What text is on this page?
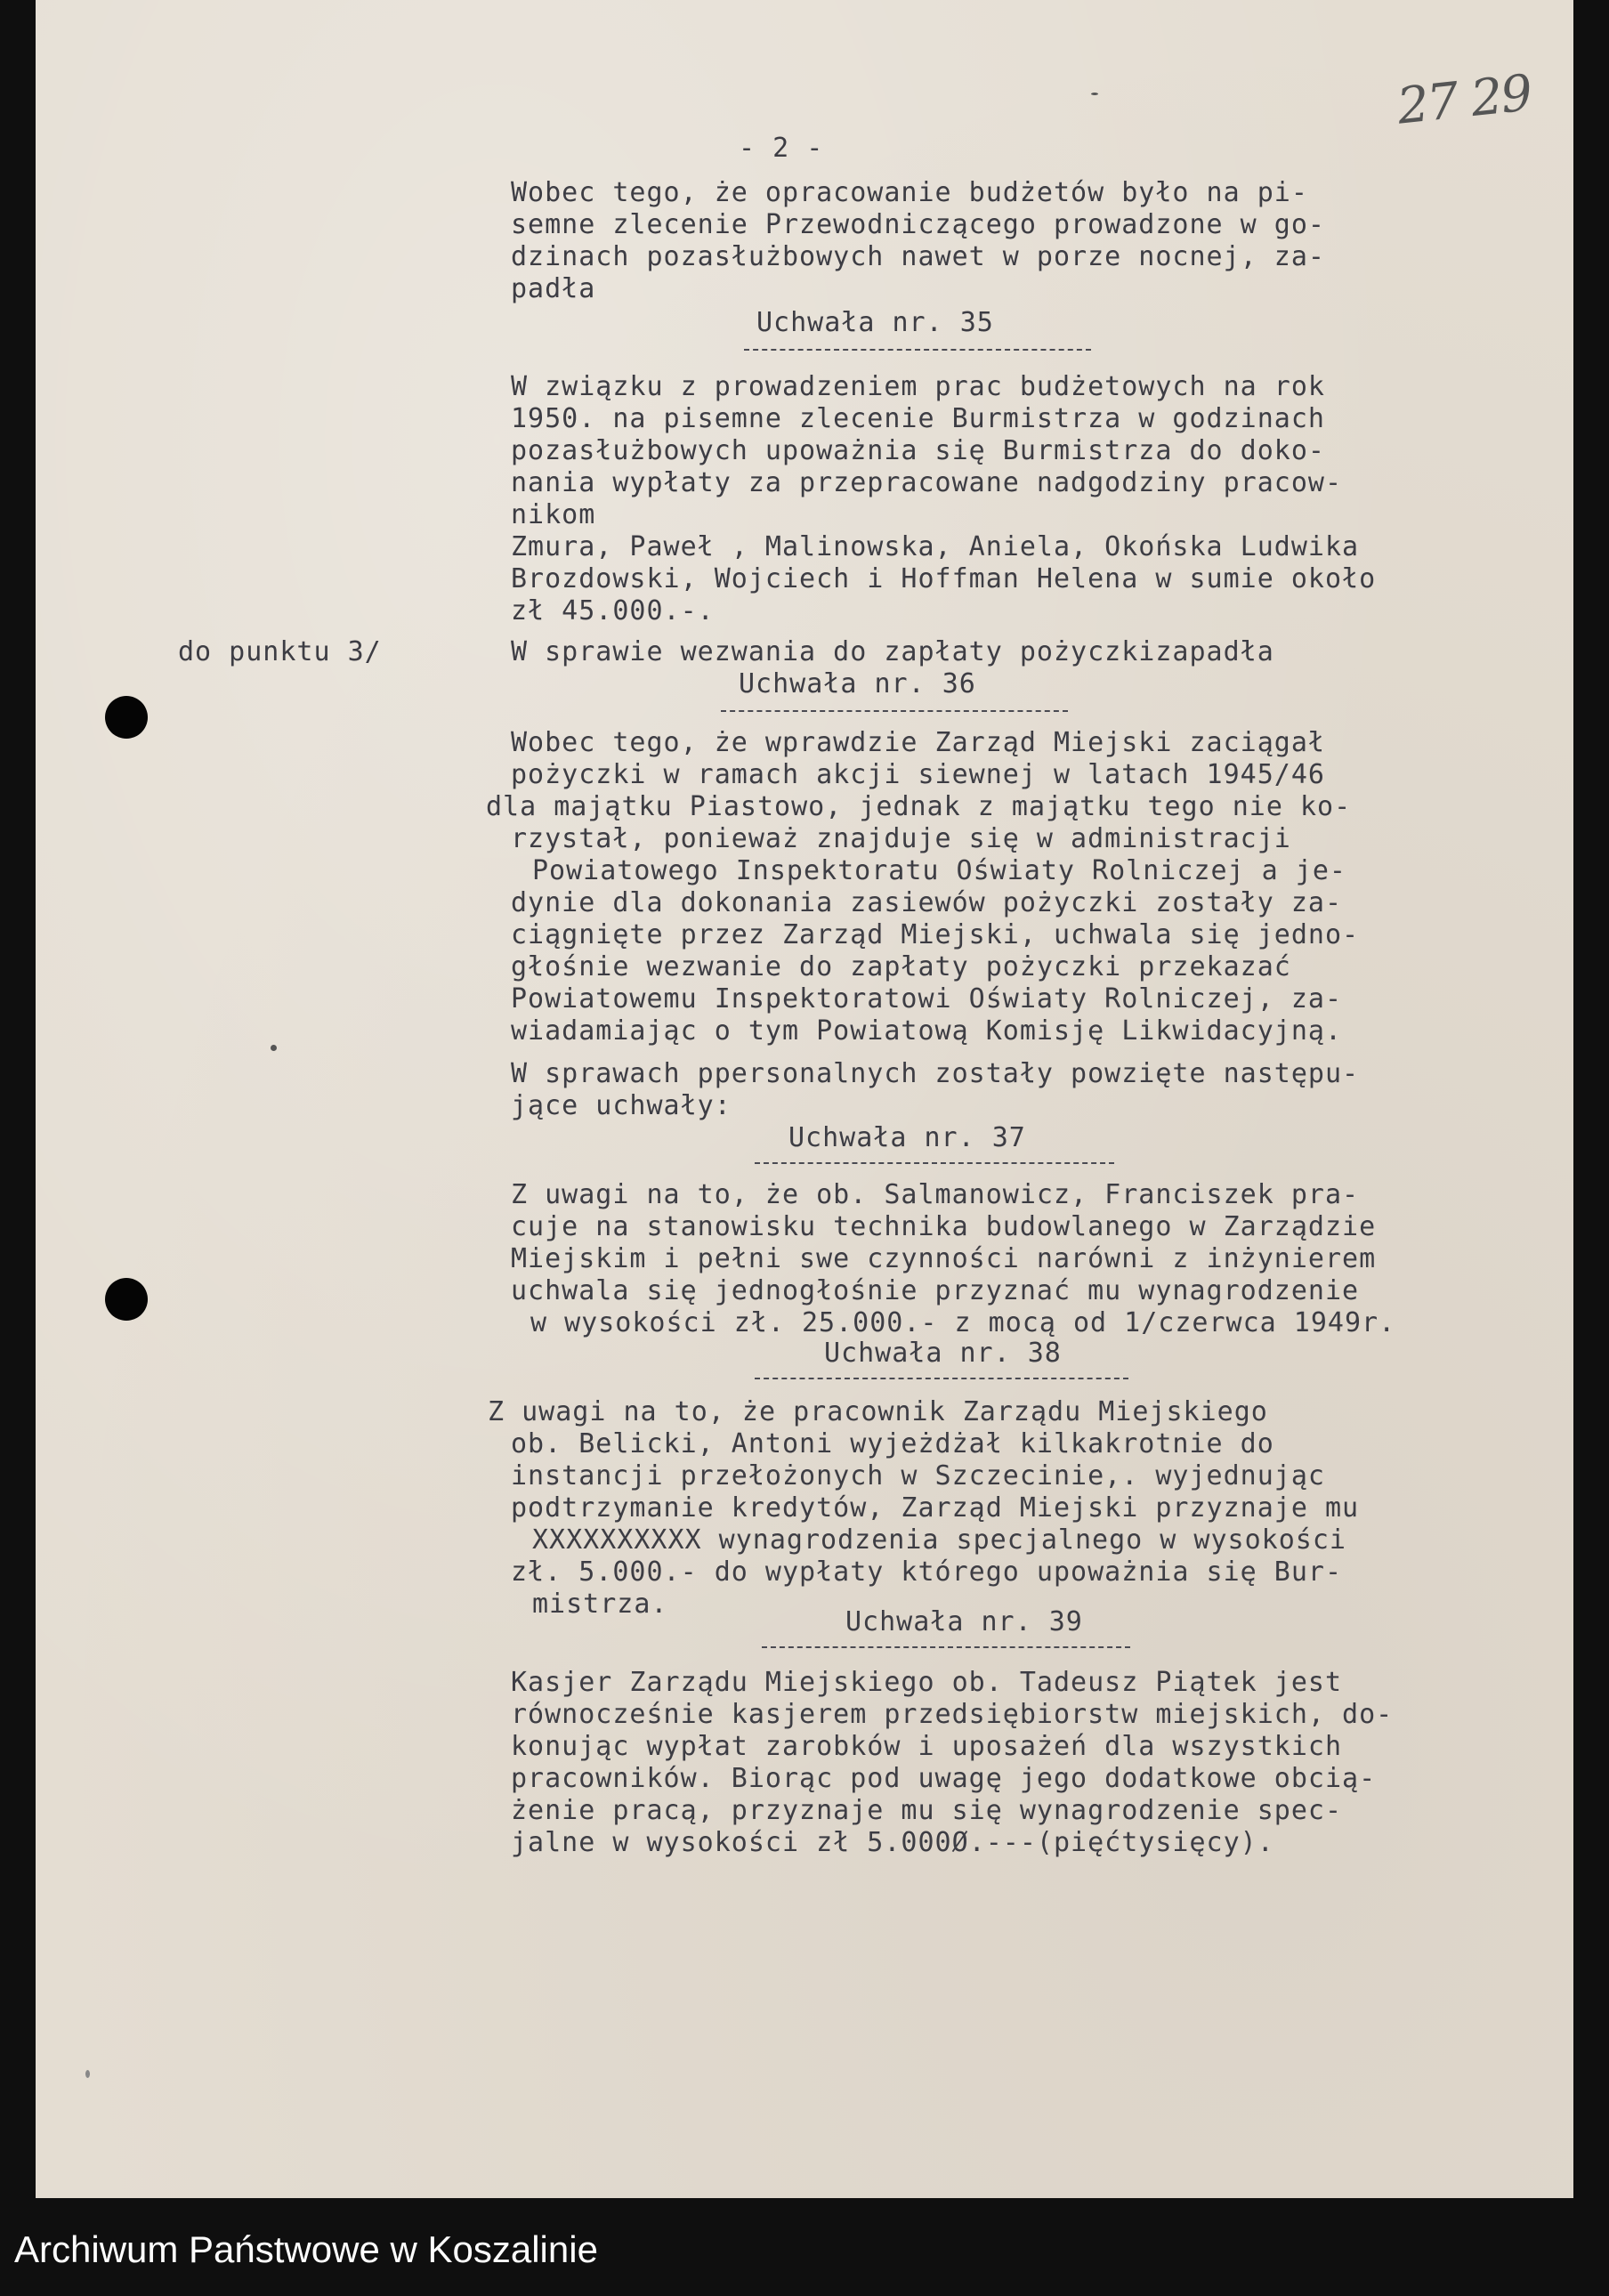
27 29
- 2 -
Wobec tego, że opracowanie budżetów było na pi-
semne zlecenie Przewodniczącego prowadzone w go-
dzinach pozasłużbowych nawet w porze nocnej, za-
padła
Uchwała nr. 35
W związku z prowadzeniem prac budżetowych na rok
1950. na pisemne zlecenie Burmistrza w godzinach
pozasłużbowych upoważnia się Burmistrza do doko-
nania wypłaty za przepracowane nadgodziny pracow-
nikom
Zmura, Paweł , Malinowska, Aniela, Okońska Ludwika
Brozdowski, Wojciech i Hoffman Helena w sumie około
zł 45.000.-.
do punktu 3/	W sprawie wezwania do zapłaty pożyczkizapadła
Uchwała nr. 36
Wobec tego, że wprawdzie Zarząd Miejski zaciągał
pożyczki w ramach akcji siewnej w latach 1945/46
dla majątku Piastowo, jednak z majątku tego nie ko-
rzystał, ponieważ znajduje się w administracji
Powiatowego Inspektoratu Oświaty Rolniczej a je-
dynie dla dokonania zasiewów pożyczki zostały za-
ciągnięte przez Zarząd Miejski, uchwala się jedno-
głośnie wezwanie do zapłaty pożyczki przekazać
Powiatowemu Inspektoratowi Oświaty Rolniczej, za-
wiadamiając o tym Powiatową Komisję Likwidacyjną.
W sprawach ppersonalnych zostały powzięte następu-
jące uchwały:
Uchwała nr. 37
Z uwagi na to, że ob. Salmanowicz, Franciszek pra-
cuje na stanowisku technika budowlanego w Zarządzie
Miejskim i pełni swe czynności narówni z inżynierem
uchwala się jednogłośnie przyznać mu wynagrodzenie
w wysokości zł. 25.000.- z mocą od 1/czerwca 1949r.
Uchwała nr. 38
Z uwagi na to, że pracownik Zarządu Miejskiego
ob. Belicki, Antoni wyjeżdżał kilkakrotnie do
instancji przełożonych w Szczecinie,. wyjednując
podtrzymanie kredytów, Zarząd Miejski przyznaje mu
XXXXXXXXXX wynagrodzenia specjalnego w wysokości
zł. 5.000.- do wypłaty którego upoważnia się Bur-
mistrza.
Uchwała nr. 39
Kasjer Zarządu Miejskiego ob. Tadeusz Piątek jest
równocześnie kasjerem przedsiębiorstw miejskich, do-
konując wypłat zarobków i uposażeń dla wszystkich
pracowników. Biorąc pod uwagę jego dodatkowe obcią-
żenie pracą, przyznaje mu się wynagrodzenie spec-
jalne w wysokości zł 5.000Ø.---(pięćtysięcy).
Archiwum Państwowe w Koszalinie
